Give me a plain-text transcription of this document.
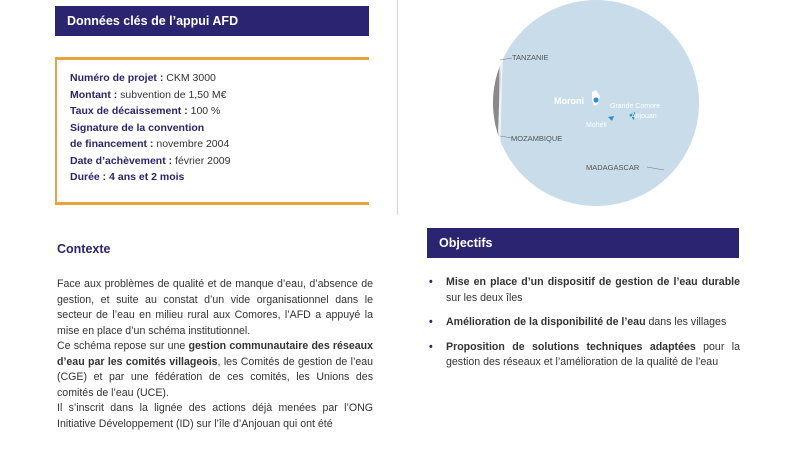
Données clés de l’appui AFD
Numéro de projet : CKM 3000
Montant : subvention de 1,50 M€
Taux de décaissement : 100 %
Signature de la convention
de financement : novembre 2004
Date d’achèvement : février 2009
Durée : 4 ans et 2 mois
TANZANIE
MOZAMBIQUE
MADAGASCAR
Moroni
Grande Comore
Anjouan
Mohéli
Objectifs
• Mise en place d’un dispositif de gestion de l’eau durable sur les deux îles
• Amélioration de la disponibilité de l’eau dans les villages
• Proposition de solutions techniques adaptées pour la gestion des réseaux et l’amélioration de la qualité de l’eau
Contexte

Face aux problèmes de qualité et de manque d’eau, d’absence de gestion, et suite au constat d’un vide organisationnel dans le secteur de l’eau en milieu rural aux Comores, l’AFD a appuyé la mise en place d’un schéma institutionnel.

Ce schéma repose sur une gestion communautaire des réseaux d’eau par les comités villageois, les Comités de gestion de l’eau (CGE) et par une fédération de ces comités, les Unions des comités de l’eau (UCE).

Il s’inscrit dans la lignée des actions déjà menées par l’ONG Initiative Développement (ID) sur l’île d’Anjouan qui ont été
